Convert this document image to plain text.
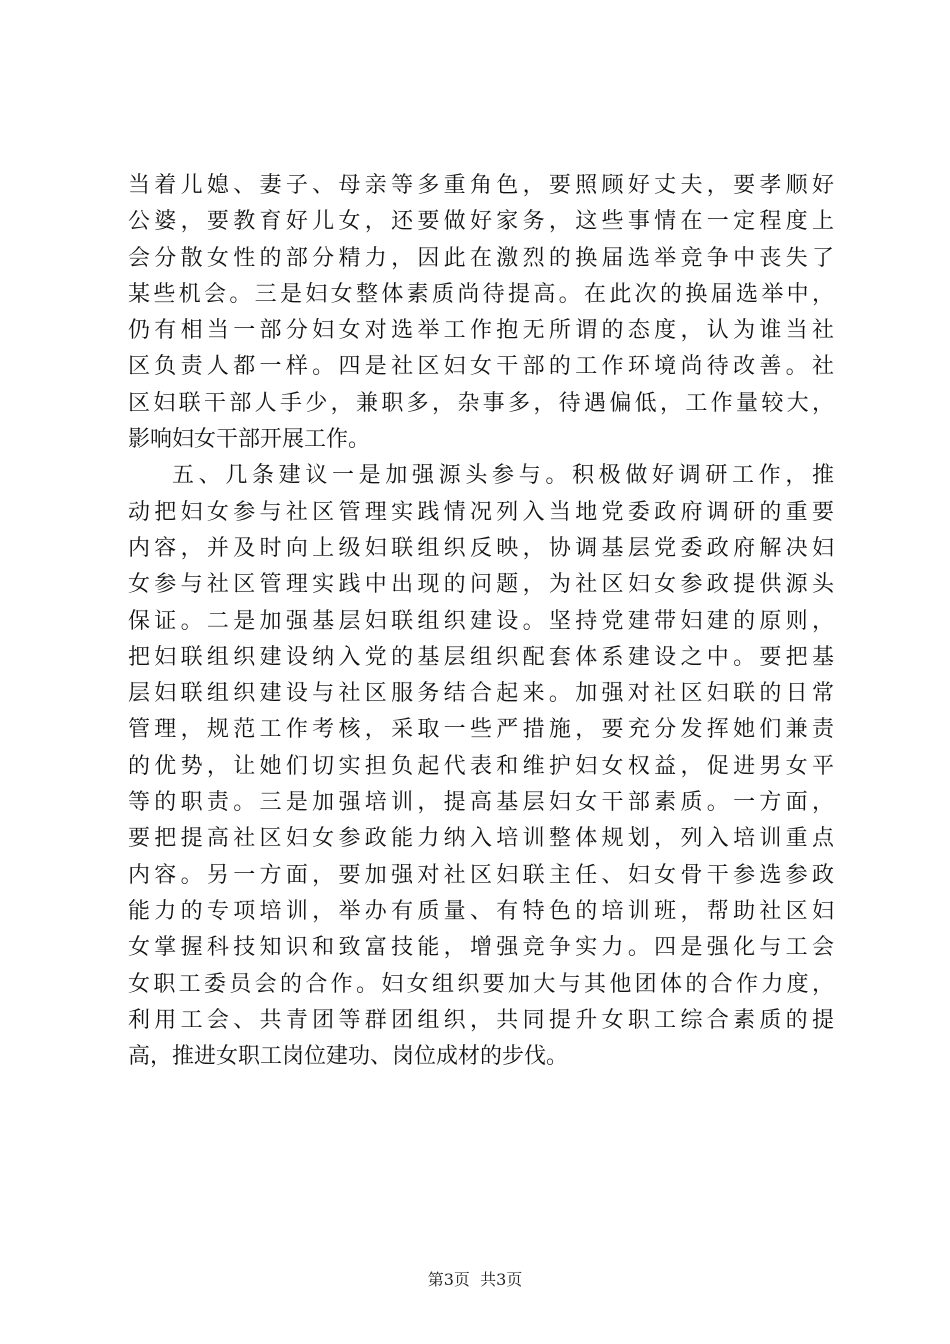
当着儿媳、妻子、母亲等多重角色，要照顾好丈夫，要孝顺好
公婆，要教育好儿女，还要做好家务，这些事情在一定程度上
会分散女性的部分精力，因此在激烈的换届选举竞争中丧失了
某些机会。三是妇女整体素质尚待提高。在此次的换届选举中，
仍有相当一部分妇女对选举工作抱无所谓的态度，认为谁当社
区负责人都一样。四是社区妇女干部的工作环境尚待改善。社
区妇联干部人手少，兼职多，杂事多，待遇偏低，工作量较大，
影响妇女干部开展工作。
五、几条建议一是加强源头参与。积极做好调研工作，推
动把妇女参与社区管理实践情况列入当地党委政府调研的重要
内容，并及时向上级妇联组织反映，协调基层党委政府解决妇
女参与社区管理实践中出现的问题，为社区妇女参政提供源头
保证。二是加强基层妇联组织建设。坚持党建带妇建的原则，
把妇联组织建设纳入党的基层组织配套体系建设之中。要把基
层妇联组织建设与社区服务结合起来。加强对社区妇联的日常
管理，规范工作考核，采取一些严措施，要充分发挥她们兼责
的优势，让她们切实担负起代表和维护妇女权益，促进男女平
等的职责。三是加强培训，提高基层妇女干部素质。一方面，
要把提高社区妇女参政能力纳入培训整体规划，列入培训重点
内容。另一方面，要加强对社区妇联主任、妇女骨干参选参政
能力的专项培训，举办有质量、有特色的培训班，帮助社区妇
女掌握科技知识和致富技能，增强竞争实力。四是强化与工会
女职工委员会的合作。妇女组织要加大与其他团体的合作力度，
利用工会、共青团等群团组织，共同提升女职工综合素质的提
高，推进女职工岗位建功、岗位成材的步伐。
第3页  共3页
